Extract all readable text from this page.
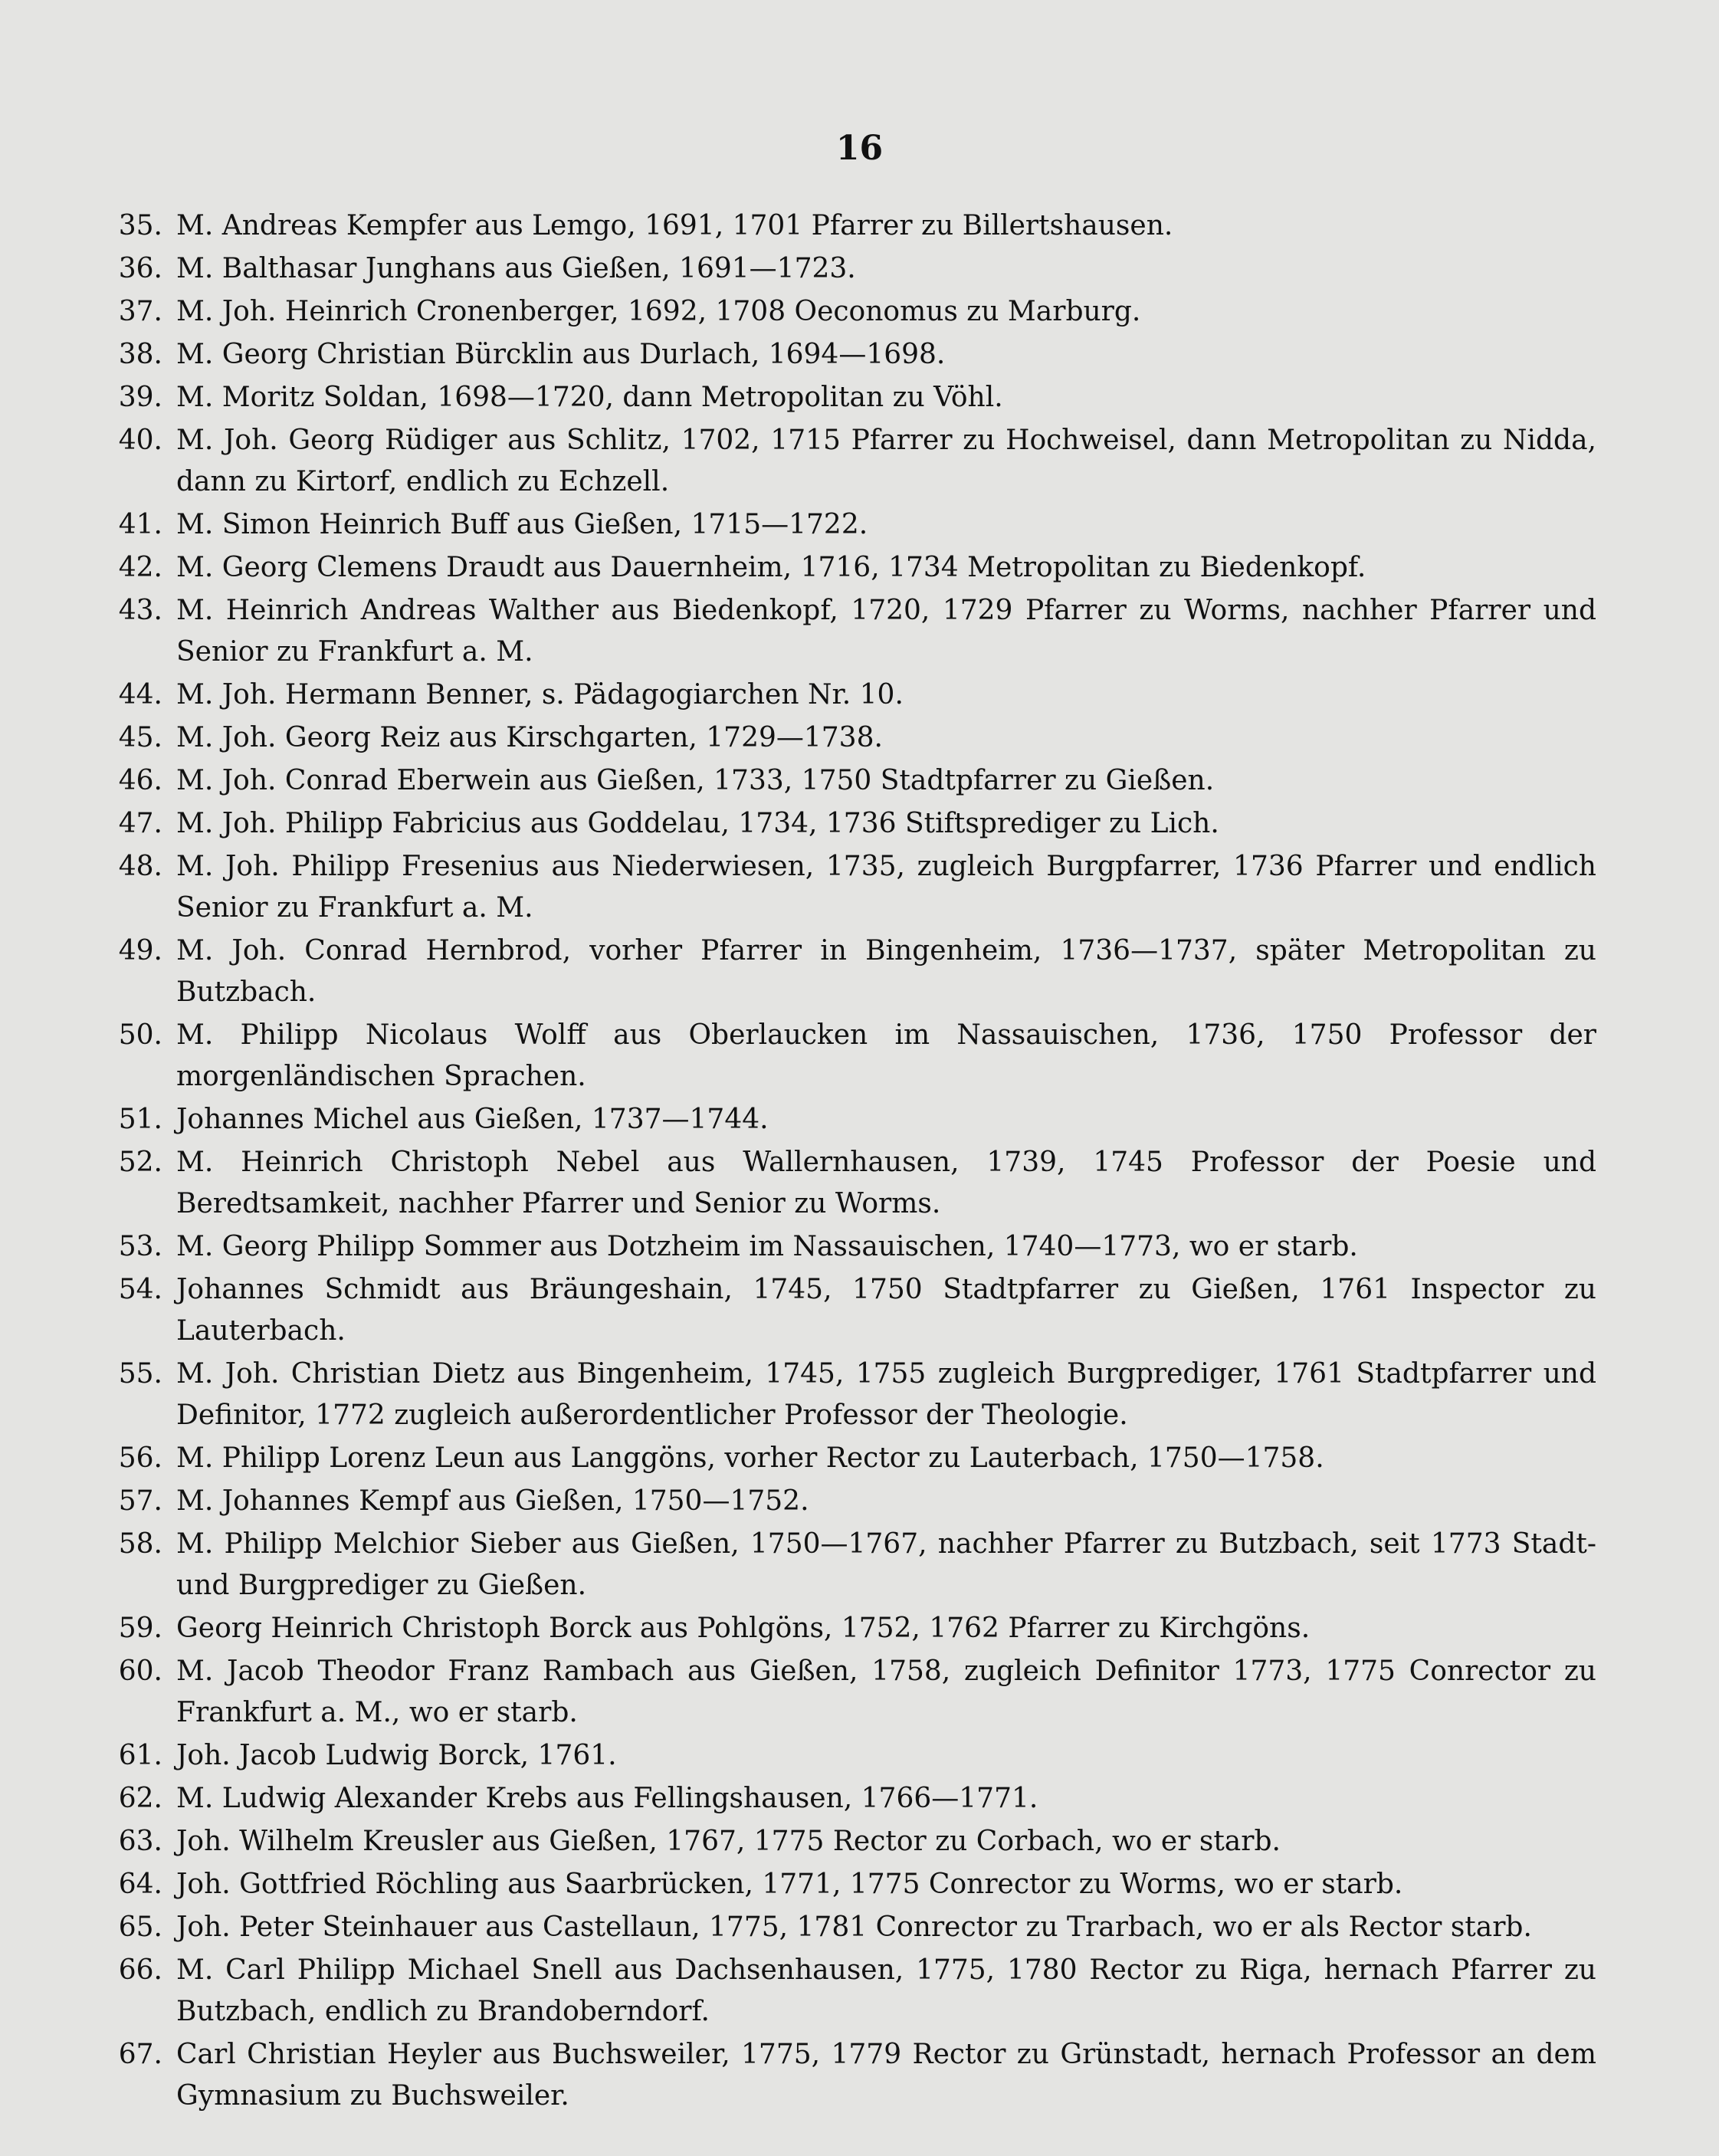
16
35. M. Andreas Kempfer aus Lemgo, 1691, 1701 Pfarrer zu Billertshausen.
36. M. Balthasar Junghans aus Gießen, 1691—1723.
37. M. Joh. Heinrich Cronenberger, 1692, 1708 Oeconomus zu Marburg.
38. M. Georg Christian Bürcklin aus Durlach, 1694—1698.
39. M. Moritz Soldan, 1698—1720, dann Metropolitan zu Vöhl.
40. M. Joh. Georg Rüdiger aus Schlitz, 1702, 1715 Pfarrer zu Hochweisel, dann Metropolitan zu Nidda, dann zu Kirtorf, endlich zu Echzell.
41. M. Simon Heinrich Buff aus Gießen, 1715—1722.
42. M. Georg Clemens Draudt aus Dauernheim, 1716, 1734 Metropolitan zu Biedenkopf.
43. M. Heinrich Andreas Walther aus Biedenkopf, 1720, 1729 Pfarrer zu Worms, nachher Pfarrer und Senior zu Frankfurt a. M.
44. M. Joh. Hermann Benner, s. Pädagogiarchen Nr. 10.
45. M. Joh. Georg Reiz aus Kirschgarten, 1729—1738.
46. M. Joh. Conrad Eberwein aus Gießen, 1733, 1750 Stadtpfarrer zu Gießen.
47. M. Joh. Philipp Fabricius aus Goddelau, 1734, 1736 Stiftsprediger zu Lich.
48. M. Joh. Philipp Fresenius aus Niederwiesen, 1735, zugleich Burgpfarrer, 1736 Pfarrer und endlich Senior zu Frankfurt a. M.
49. M. Joh. Conrad Hernbrod, vorher Pfarrer in Bingenheim, 1736—1737, später Metropolitan zu Butzbach.
50. M. Philipp Nicolaus Wolff aus Oberlaucken im Nassauischen, 1736, 1750 Professor der morgenländischen Sprachen.
51. Johannes Michel aus Gießen, 1737—1744.
52. M. Heinrich Christoph Nebel aus Wallernhausen, 1739, 1745 Professor der Poesie und Beredtsamkeit, nachher Pfarrer und Senior zu Worms.
53. M. Georg Philipp Sommer aus Dotzheim im Nassauischen, 1740—1773, wo er starb.
54. Johannes Schmidt aus Bräungeshain, 1745, 1750 Stadtpfarrer zu Gießen, 1761 Inspector zu Lauterbach.
55. M. Joh. Christian Dietz aus Bingenheim, 1745, 1755 zugleich Burgprediger, 1761 Stadtpfarrer und Definitor, 1772 zugleich außerordentlicher Professor der Theologie.
56. M. Philipp Lorenz Leun aus Langgöns, vorher Rector zu Lauterbach, 1750—1758.
57. M. Johannes Kempf aus Gießen, 1750—1752.
58. M. Philipp Melchior Sieber aus Gießen, 1750—1767, nachher Pfarrer zu Butzbach, seit 1773 Stadt- und Burgprediger zu Gießen.
59. Georg Heinrich Christoph Borck aus Pohlgöns, 1752, 1762 Pfarrer zu Kirchgöns.
60. M. Jacob Theodor Franz Rambach aus Gießen, 1758, zugleich Definitor 1773, 1775 Conrector zu Frankfurt a. M., wo er starb.
61. Joh. Jacob Ludwig Borck, 1761.
62. M. Ludwig Alexander Krebs aus Fellingshausen, 1766—1771.
63. Joh. Wilhelm Kreusler aus Gießen, 1767, 1775 Rector zu Corbach, wo er starb.
64. Joh. Gottfried Röchling aus Saarbrücken, 1771, 1775 Conrector zu Worms, wo er starb.
65. Joh. Peter Steinhauer aus Castellaun, 1775, 1781 Conrector zu Trarbach, wo er als Rector starb.
66. M. Carl Philipp Michael Snell aus Dachsenhausen, 1775, 1780 Rector zu Riga, hernach Pfarrer zu Butzbach, endlich zu Brandoberndorf.
67. Carl Christian Heyler aus Buchsweiler, 1775, 1779 Rector zu Grünstadt, hernach Professor an dem Gymnasium zu Buchsweiler.
